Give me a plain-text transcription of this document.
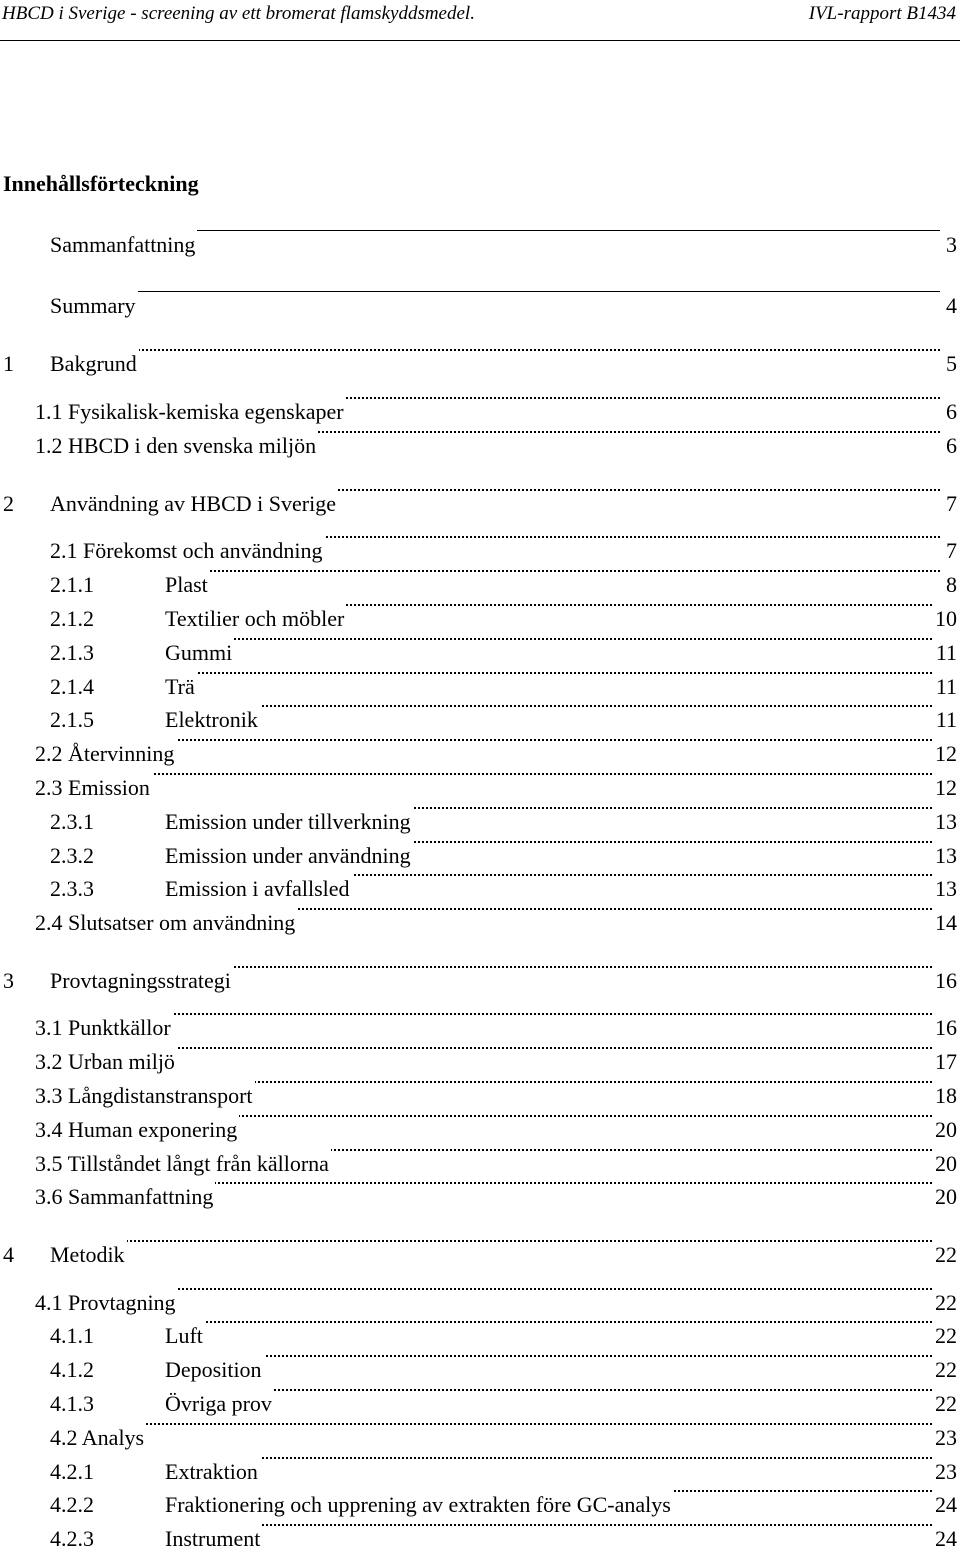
HBCD i Sverige - screening av ett bromerat flamskyddsmedel.	IVL-rapport B1434
Innehållsförteckning
Sammanfattning	3
Summary	4
1 Bakgrund	5
1.1 Fysikalisk-kemiska egenskaper	6
1.2 HBCD i den svenska miljön	6
2 Användning av HBCD i Sverige	7
2.1 Förekomst och användning	7
2.1.1	Plast	8
2.1.2	Textilier och möbler	10
2.1.3	Gummi	11
2.1.4	Trä	11
2.1.5	Elektronik	11
2.2 Återvinning	12
2.3 Emission	12
2.3.1	Emission under tillverkning	13
2.3.2	Emission under användning	13
2.3.3	Emission i avfallsled	13
2.4 Slutsatser om användning	14
3 Provtagningsstrategi	16
3.1 Punktkällor	16
3.2 Urban miljö	17
3.3 Långdistanstransport	18
3.4 Human exponering	20
3.5 Tillståndet långt från källorna	20
3.6 Sammanfattning	20
4 Metodik	22
4.1 Provtagning	22
4.1.1	Luft	22
4.1.2	Deposition	22
4.1.3	Övriga prov	22
4.2 Analys	23
4.2.1	Extraktion	23
4.2.2	Fraktionering och upprening av extrakten före GC-analys	24
4.2.3	Instrument	24
